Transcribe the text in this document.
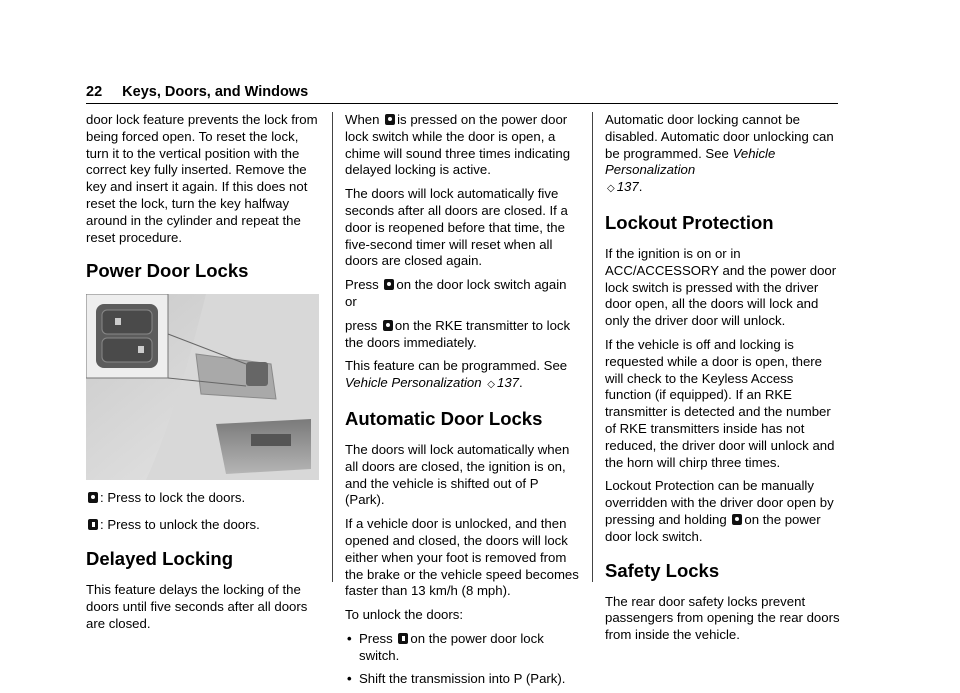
22 Keys, Doors, and Windows

door lock feature prevents the lock from being forced open. To reset the lock, turn it to the vertical position with the correct key fully inserted. Remove the key and insert it again. If this does not reset the lock, turn the key halfway around in the cylinder and repeat the reset procedure.

Power Door Locks

: Press to lock the doors.

: Press to unlock the doors.

Delayed Locking

This feature delays the locking of the doors until five seconds after all doors are closed.

When is pressed on the power door lock switch while the door is open, a chime will sound three times indicating delayed locking is active.

The doors will lock automatically five seconds after all doors are closed. If a door is reopened before that time, the five-second timer will reset when all doors are closed again.

Press on the door lock switch again or

press on the RKE transmitter to lock the doors immediately.

This feature can be programmed. See Vehicle Personalization ◇ 137.

Automatic Door Locks

The doors will lock automatically when all doors are closed, the ignition is on, and the vehicle is shifted out of P (Park).

If a vehicle door is unlocked, and then opened and closed, the doors will lock either when your foot is removed from the brake or the vehicle speed becomes faster than 13 km/h (8 mph).

To unlock the doors:

• Press on the power door lock switch.
• Shift the transmission into P (Park).

Automatic door locking cannot be disabled. Automatic door unlocking can be programmed. See Vehicle Personalization
◇ 137.

Lockout Protection

If the ignition is on or in ACC/ACCESSORY and the power door lock switch is pressed with the driver door open, all the doors will lock and only the driver door will unlock.

If the vehicle is off and locking is requested while a door is open, there will check to the Keyless Access function (if equipped). If an RKE transmitter is detected and the number of RKE transmitters inside has not reduced, the driver door will unlock and the horn will chirp three times.

Lockout Protection can be manually overridden with the driver door open by pressing and holding on the power door lock switch.

Safety Locks

The rear door safety locks prevent passengers from opening the rear doors from inside the vehicle.
